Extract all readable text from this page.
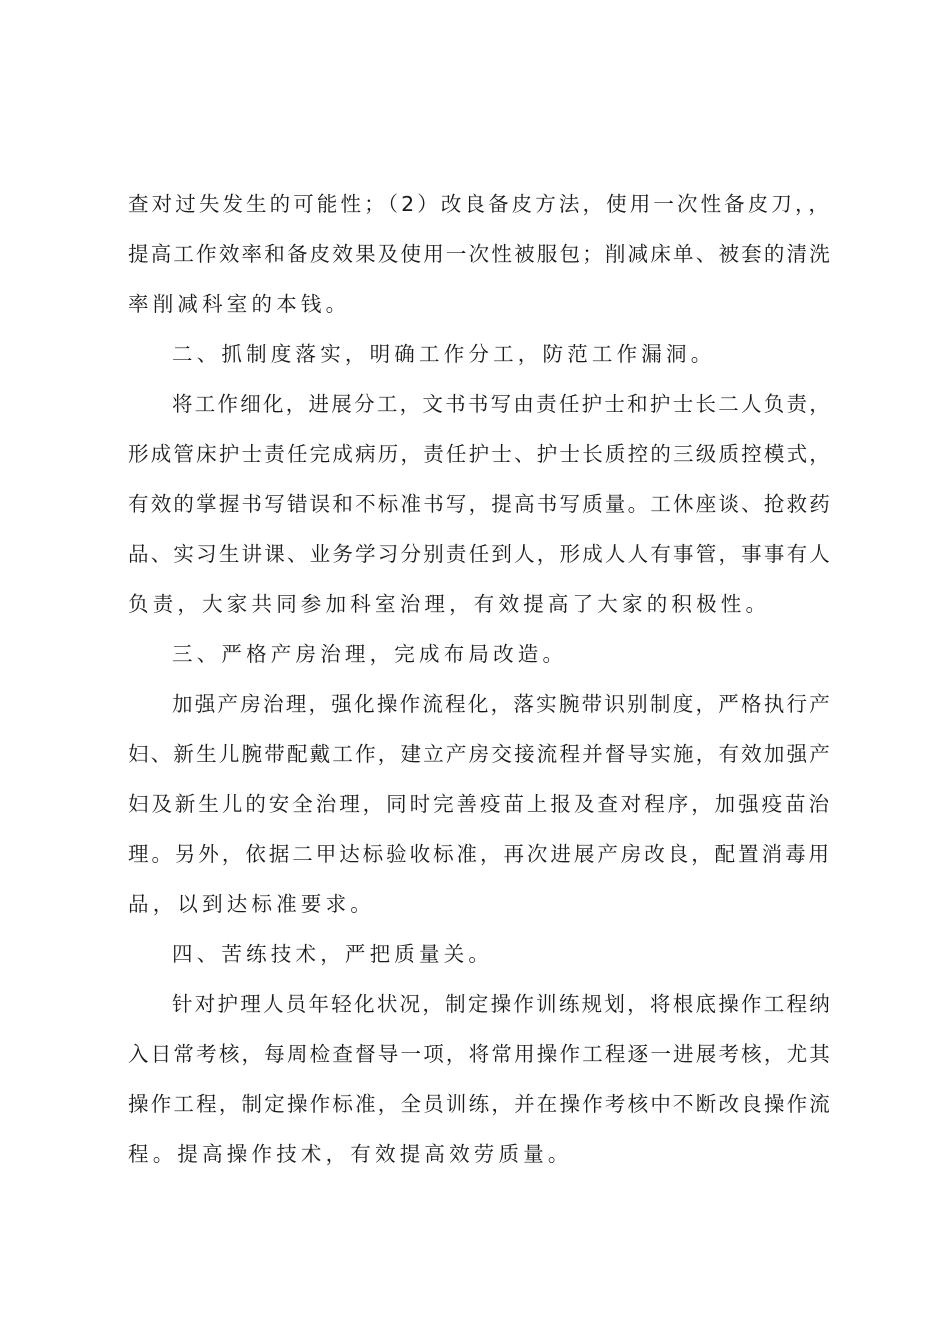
查对过失发生的可能性；（2）改良备皮方法，使用一次性备皮刀，，
提高工作效率和备皮效果及使用一次性被服包；削减床单、被套的清洗
率削减科室的本钱。
二、抓制度落实，明确工作分工，防范工作漏洞。
将工作细化，进展分工，文书书写由责任护士和护士长二人负责，
形成管床护士责任完成病历，责任护士、护士长质控的三级质控模式，
有效的掌握书写错误和不标准书写，提高书写质量。工休座谈、抢救药
品、实习生讲课、业务学习分别责任到人，形成人人有事管，事事有人
负责，大家共同参加科室治理，有效提高了大家的积极性。
三、严格产房治理，完成布局改造。
加强产房治理，强化操作流程化，落实腕带识别制度，严格执行产
妇、新生儿腕带配戴工作，建立产房交接流程并督导实施，有效加强产
妇及新生儿的安全治理，同时完善疫苗上报及查对程序，加强疫苗治
理。另外，依据二甲达标验收标准，再次进展产房改良，配置消毒用
品，以到达标准要求。
四、苦练技术，严把质量关。
针对护理人员年轻化状况，制定操作训练规划，将根底操作工程纳
入日常考核，每周检查督导一项，将常用操作工程逐一进展考核，尤其
操作工程，制定操作标准，全员训练，并在操作考核中不断改良操作流
程。提高操作技术，有效提高效劳质量。
